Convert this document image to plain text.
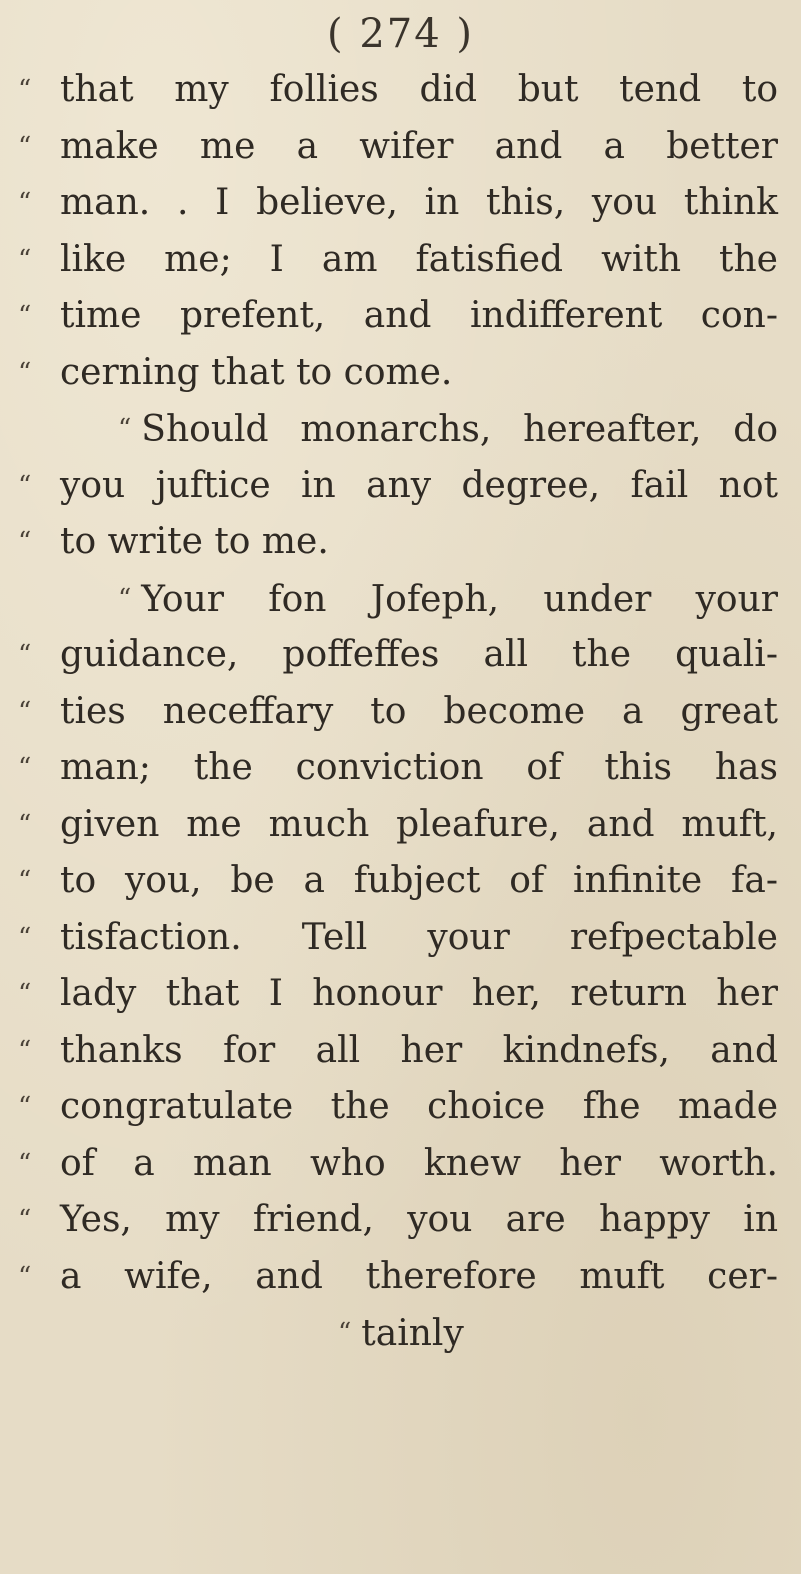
( 274 )
“ that my follies did but tend to
“ make me a wifer and a better
“ man. . I believe, in this, you think
“ like me; I am fatisfied with the
“ time prefent, and indifferent con-
“ cerning that to come.
“ Should monarchs, hereafter, do
“ you juftice in any degree, fail not
“ to write to me.
“ Your fon Jofeph, under your
“ guidance, poffeffes all the quali-
“ ties neceffary to become a great
“ man; the conviction of this has
“ given me much pleafure, and muft,
“ to you, be a fubject of infinite fa-
“ tisfaction. Tell your refpectable
“ lady that I honour her, return her
“ thanks for all her kindnefs, and
“ congratulate the choice fhe made
“ of a man who knew her worth.
“ Yes, my friend, you are happy in
“ a wife, and therefore muft cer-
“ tainly
